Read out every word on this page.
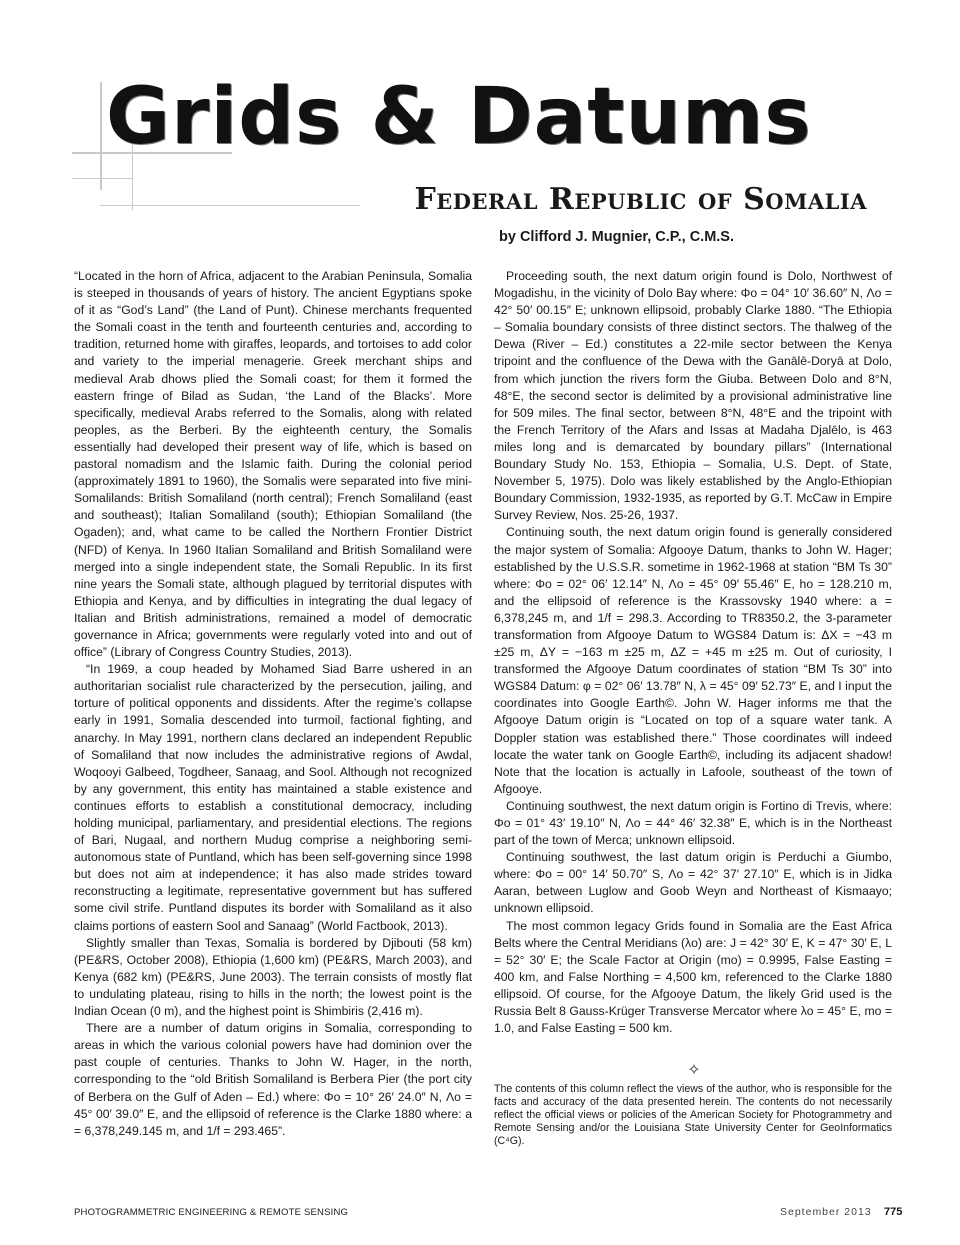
Grids & Datums
Federal Republic of Somalia
by Clifford J. Mugnier, C.P., C.M.S.

“Located in the horn of Africa, adjacent to the Arabian Peninsula, Somalia is steeped in thousands of years of history. The ancient Egyptians spoke of it as “God’s Land” (the Land of Punt). Chinese merchants frequented the Somali coast in the tenth and fourteenth centuries and, according to tradition, returned home with giraffes, leopards, and tortoises to add color and variety to the imperial menagerie. Greek merchant ships and medieval Arab dhows plied the Somali coast; for them it formed the eastern fringe of Bilad as Sudan, ‘the Land of the Blacks’. More specifically, medieval Arabs referred to the Somalis, along with related peoples, as the Berberi. By the eighteenth century, the Somalis essentially had developed their present way of life, which is based on pastoral nomadism and the Islamic faith. During the colonial period (approximately 1891 to 1960), the Somalis were separated into five mini-Somalilands: British Somaliland (north central); French Somaliland (east and southeast); Italian Somaliland (south); Ethiopian Somaliland (the Ogaden); and, what came to be called the Northern Frontier District (NFD) of Kenya. In 1960 Italian Somaliland and British Somaliland were merged into a single independent state, the Somali Republic. In its first nine years the Somali state, although plagued by territorial disputes with Ethiopia and Kenya, and by difficulties in integrating the dual legacy of Italian and British administrations, remained a model of democratic governance in Africa; governments were regularly voted into and out of office” (Library of Congress Country Studies, 2013).

“In 1969, a coup headed by Mohamed Siad Barre ushered in an authoritarian socialist rule characterized by the persecution, jailing, and torture of political opponents and dissidents. After the regime’s collapse early in 1991, Somalia descended into turmoil, factional fighting, and anarchy. In May 1991, northern clans declared an independent Republic of Somaliland that now includes the administrative regions of Awdal, Woqooyi Galbeed, Togdheer, Sanaag, and Sool. Although not recognized by any government, this entity has maintained a stable existence and continues efforts to establish a constitutional democracy, including holding municipal, parliamentary, and presidential elections. The regions of Bari, Nugaal, and northern Mudug comprise a neighboring semi-autonomous state of Puntland, which has been self-governing since 1998 but does not aim at independence; it has also made strides toward reconstructing a legitimate, representative government but has suffered some civil strife. Puntland disputes its border with Somaliland as it also claims portions of eastern Sool and Sanaag” (World Factbook, 2013).

Slightly smaller than Texas, Somalia is bordered by Djibouti (58 km) (PE&RS, October 2008), Ethiopia (1,600 km) (PE&RS, March 2003), and Kenya (682 km) (PE&RS, June 2003). The terrain consists of mostly flat to undulating plateau, rising to hills in the north; the lowest point is the Indian Ocean (0 m), and the highest point is Shimbiris (2,416 m).

There are a number of datum origins in Somalia, corresponding to areas in which the various colonial powers have had dominion over the past couple of centuries. Thanks to John W. Hager, in the north, corresponding to the “old British Somaliland is Berbera Pier (the port city of Berbera on the Gulf of Aden – Ed.) where: Φo = 10° 26′ 24.0″ N, Λo = 45° 00′ 39.0″ E, and the ellipsoid of reference is the Clarke 1880 where: a = 6,378,249.145 m, and 1/f = 293.465”.

Proceeding south, the next datum origin found is Dolo, Northwest of Mogadishu, in the vicinity of Dolo Bay where: Φo = 04° 10′ 36.60″ N, Λo = 42° 50′ 00.15″ E; unknown ellipsoid, probably Clarke 1880. “The Ethiopia – Somalia boundary consists of three distinct sectors. The thalweg of the Dewa (River – Ed.) constitutes a 22-mile sector between the Kenya tripoint and the confluence of the Dewa with the Ganālē-Doryā at Dolo, from which junction the rivers form the Giuba. Between Dolo and 8°N, 48°E, the second sector is delimited by a provisional administrative line for 509 miles. The final sector, between 8°N, 48°E and the tripoint with the French Territory of the Afars and Issas at Madaha Djalēlo, is 463 miles long and is demarcated by boundary pillars” (International Boundary Study No. 153, Ethiopia – Somalia, U.S. Dept. of State, November 5, 1975). Dolo was likely established by the Anglo-Ethiopian Boundary Commission, 1932-1935, as reported by G.T. McCaw in Empire Survey Review, Nos. 25-26, 1937.

Continuing south, the next datum origin found is generally considered the major system of Somalia: Afgooye Datum, thanks to John W. Hager; established by the U.S.S.R. sometime in 1962-1968 at station “BM Ts 30” where: Φo = 02° 06′ 12.14″ N, Λo = 45° 09′ 55.46″ E, ho = 128.210 m, and the ellipsoid of reference is the Krassovsky 1940 where: a = 6,378,245 m, and 1/f = 298.3. According to TR8350.2, the 3-parameter transformation from Afgooye Datum to WGS84 Datum is: ΔX = −43 m ±25 m, ΔY = −163 m ±25 m, ΔZ = +45 m ±25 m. Out of curiosity, I transformed the Afgooye Datum coordinates of station “BM Ts 30” into WGS84 Datum: φ = 02° 06′ 13.78″ N, λ = 45° 09′ 52.73″ E, and I input the coordinates into Google Earth©. John W. Hager informs me that the Afgooye Datum origin is “Located on top of a square water tank. A Doppler station was established there.” Those coordinates will indeed locate the water tank on Google Earth©, including its adjacent shadow! Note that the location is actually in Lafoole, southeast of the town of Afgooye.

Continuing southwest, the next datum origin is Fortino di Trevis, where: Φo = 01° 43′ 19.10″ N, Λo = 44° 46′ 32.38″ E, which is in the Northeast part of the town of Merca; unknown ellipsoid.

Continuing southwest, the last datum origin is Perduchi a Giumbo, where: Φo = 00° 14′ 50.70″ S, Λo = 42° 37′ 27.10″ E, which is in Jidka Aaran, between Luglow and Goob Weyn and Northeast of Kismaayo; unknown ellipsoid.

The most common legacy Grids found in Somalia are the East Africa Belts where the Central Meridians (λo) are: J = 42° 30′ E, K = 47° 30′ E, L = 52° 30′ E; the Scale Factor at Origin (mo) = 0.9995, False Easting = 400 km, and False Northing = 4,500 km, referenced to the Clarke 1880 ellipsoid. Of course, for the Afgooye Datum, the likely Grid used is the Russia Belt 8 Gauss-Krüger Transverse Mercator where λo = 45° E, mo = 1.0, and False Easting = 500 km.

✧
The contents of this column reflect the views of the author, who is responsible for the facts and accuracy of the data presented herein. The contents do not necessarily reflect the official views or policies of the American Society for Photogrammetry and Remote Sensing and/or the Louisiana State University Center for GeoInformatics (C⁴G).
PHOTOGRAMMETRIC ENGINEERING & REMOTE SENSING	September 2013 775
